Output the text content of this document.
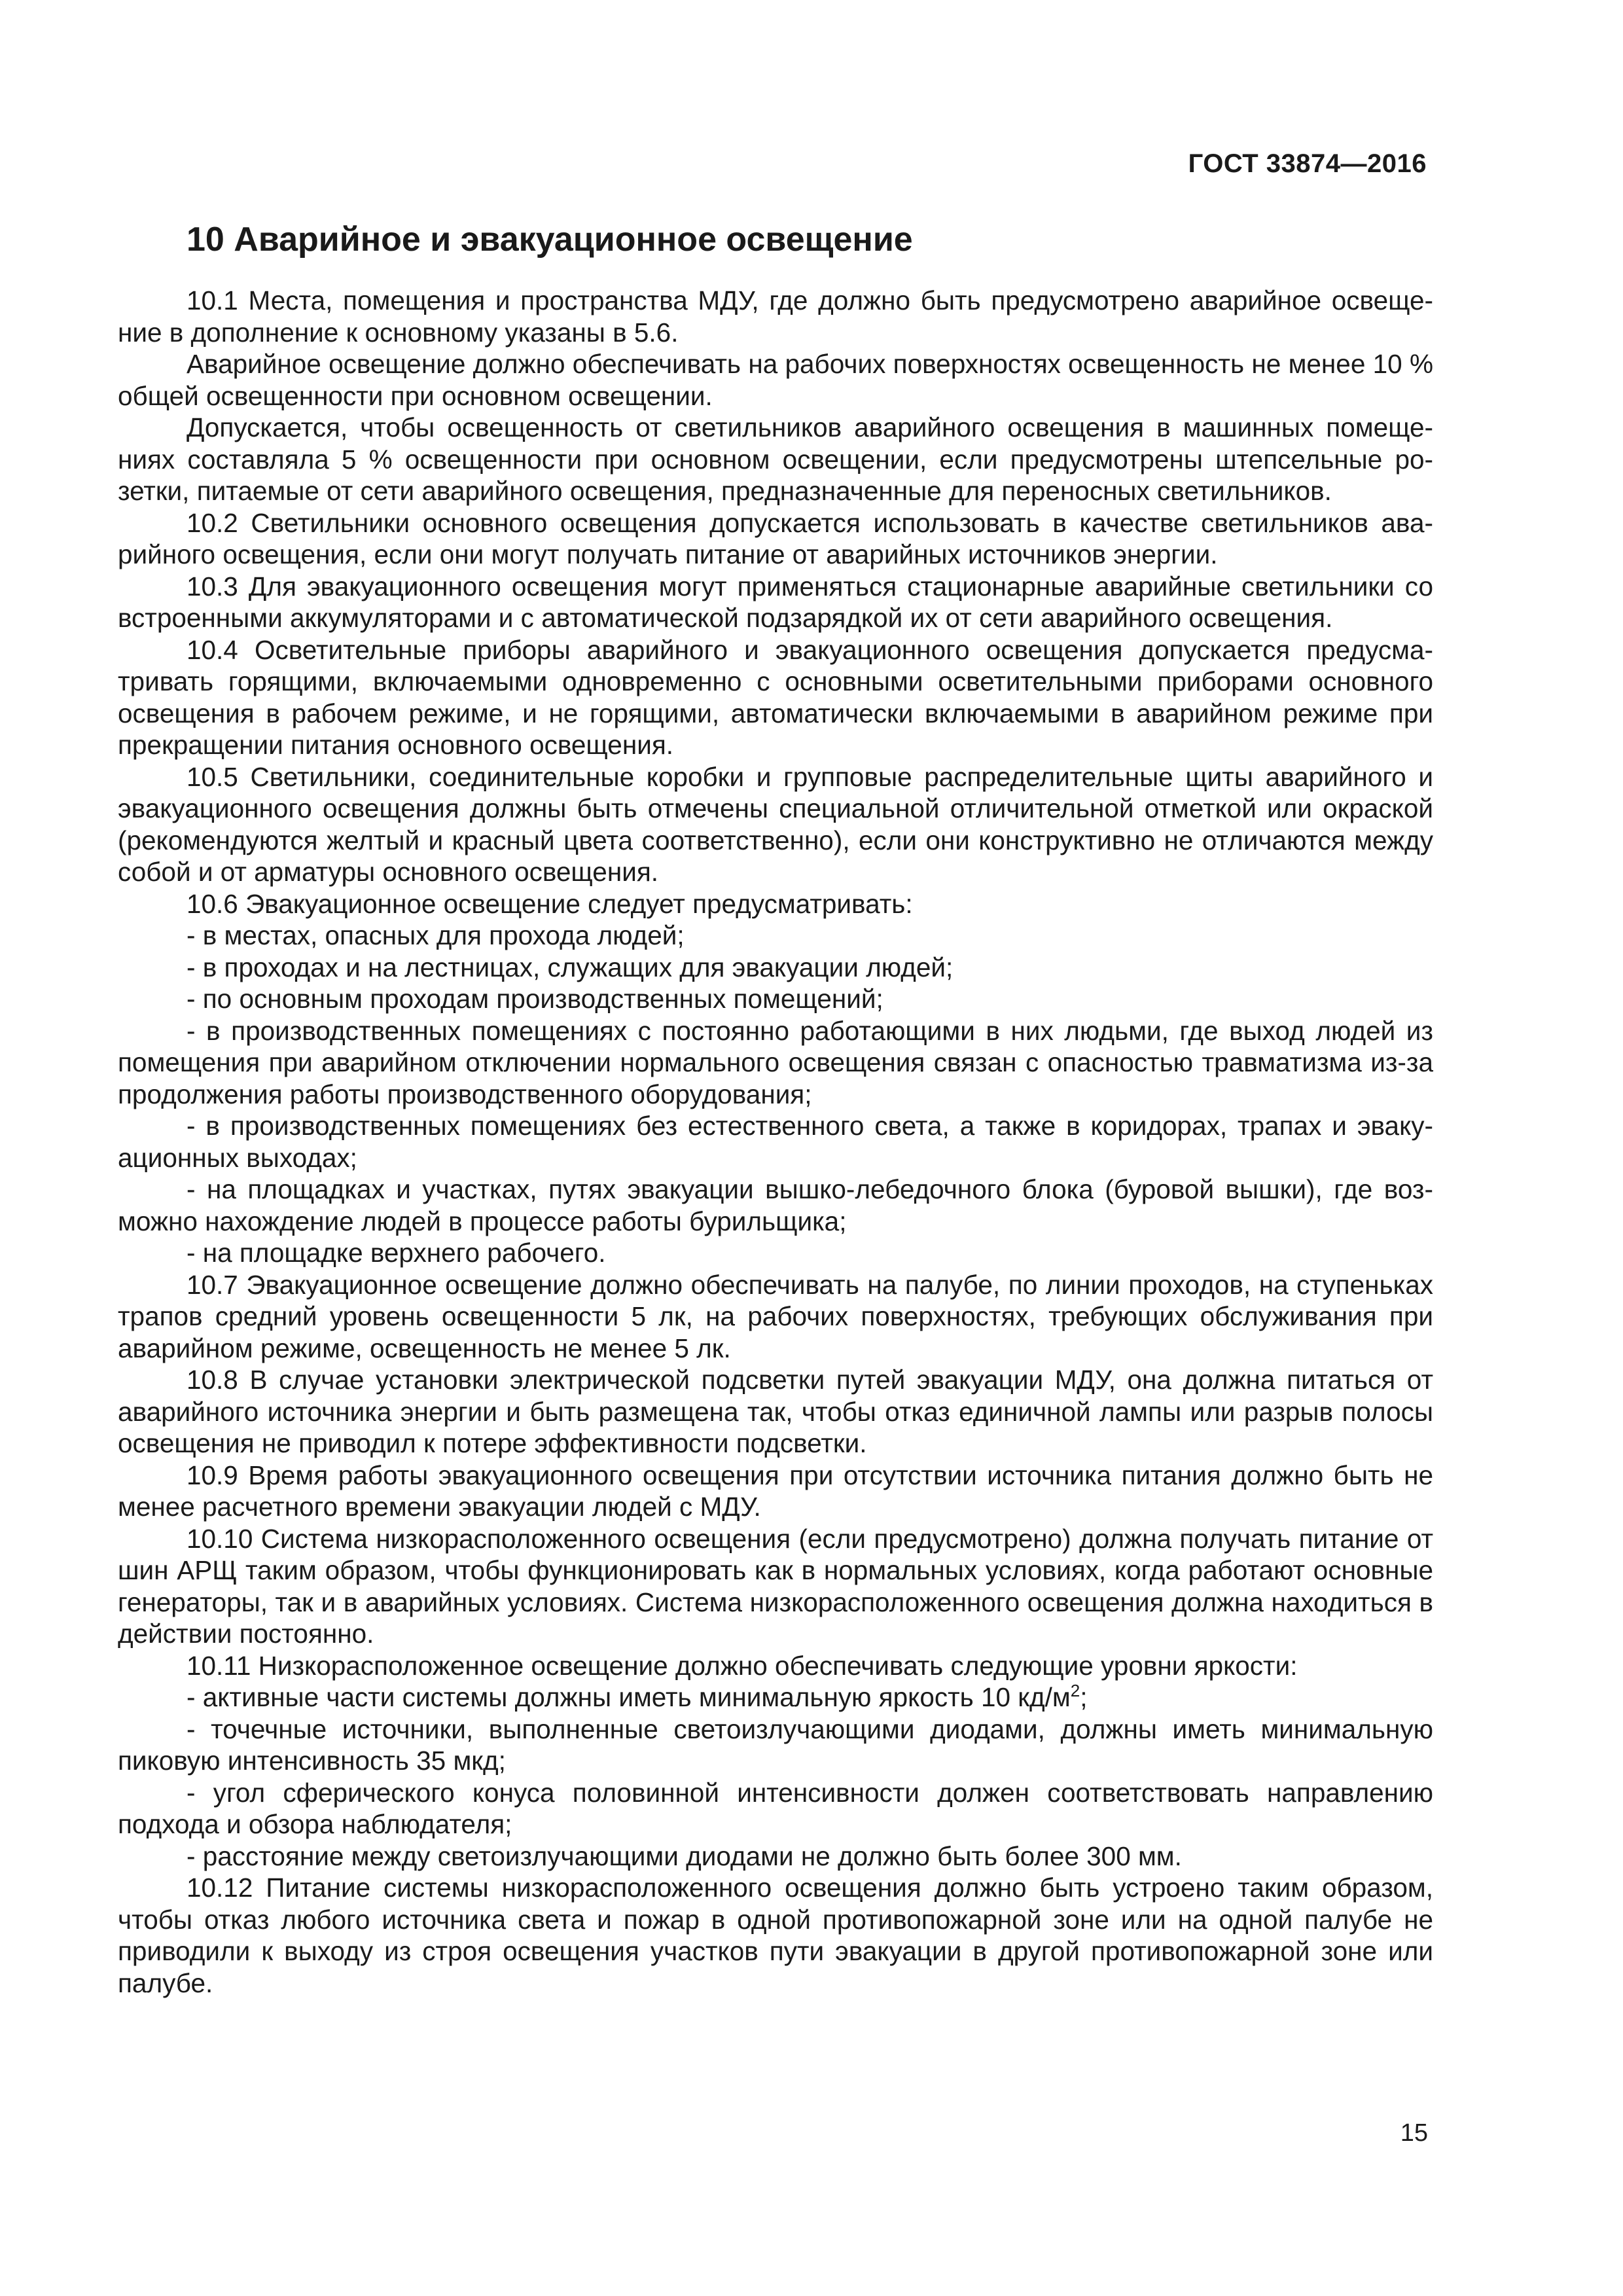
ГОСТ 33874—2016
10 Аварийное и эвакуационное освещение

10.1 Места, помещения и пространства МДУ, где должно быть предусмотрено аварийное освещение в дополнение к основному указаны в 5.6.

Аварийное освещение должно обеспечивать на рабочих поверхностях освещенность не менее 10 % общей освещенности при основном освещении.

Допускается, чтобы освещенность от светильников аварийного освещения в машинных помещениях составляла 5 % освещенности при основном освещении, если предусмотрены штепсельные розетки, питаемые от сети аварийного освещения, предназначенные для переносных светильников.

10.2 Светильники основного освещения допускается использовать в качестве светильников аварийного освещения, если они могут получать питание от аварийных источников энергии.

10.3 Для эвакуационного освещения могут применяться стационарные аварийные светильники со встроенными аккумуляторами и с автоматической подзарядкой их от сети аварийного освещения.

10.4 Осветительные приборы аварийного и эвакуационного освещения допускается предусматривать горящими, включаемыми одновременно с основными осветительными приборами основного освещения в рабочем режиме, и не горящими, автоматически включаемыми в аварийном режиме при прекращении питания основного освещения.

10.5 Светильники, соединительные коробки и групповые распределительные щиты аварийного и эвакуационного освещения должны быть отмечены специальной отличительной отметкой или окраской (рекомендуются желтый и красный цвета соответственно), если они конструктивно не отличаются между собой и от арматуры основного освещения.

10.6 Эвакуационное освещение следует предусматривать:

- в местах, опасных для прохода людей;

- в проходах и на лестницах, служащих для эвакуации людей;

- по основным проходам производственных помещений;

- в производственных помещениях с постоянно работающими в них людьми, где выход людей из помещения при аварийном отключении нормального освещения связан с опасностью травматизма из-за продолжения работы производственного оборудования;

- в производственных помещениях без естественного света, а также в коридорах, трапах и эвакуационных выходах;

- на площадках и участках, путях эвакуации вышко-лебедочного блока (буровой вышки), где возможно нахождение людей в процессе работы бурильщика;

- на площадке верхнего рабочего.

10.7 Эвакуационное освещение должно обеспечивать на палубе, по линии проходов, на ступеньках трапов средний уровень освещенности 5 лк, на рабочих поверхностях, требующих обслуживания при аварийном режиме, освещенность не менее 5 лк.

10.8 В случае установки электрической подсветки путей эвакуации МДУ, она должна питаться от аварийного источника энергии и быть размещена так, чтобы отказ единичной лампы или разрыв полосы освещения не приводил к потере эффективности подсветки.

10.9 Время работы эвакуационного освещения при отсутствии источника питания должно быть не менее расчетного времени эвакуации людей с МДУ.

10.10 Система низкорасположенного освещения (если предусмотрено) должна получать питание от шин АРЩ таким образом, чтобы функционировать как в нормальных условиях, когда работают основные генераторы, так и в аварийных условиях. Система низкорасположенного освещения должна находиться в действии постоянно.

10.11 Низкорасположенное освещение должно обеспечивать следующие уровни яркости:

- активные части системы должны иметь минимальную яркость 10 $кд/м^2$;

- точечные источники, выполненные светоизлучающими диодами, должны иметь минимальную пиковую интенсивность 35 мкд;

- угол сферического конуса половинной интенсивности должен соответствовать направлению подхода и обзора наблюдателя;

- расстояние между светоизлучающими диодами не должно быть более 300 мм.

10.12 Питание системы низкорасположенного освещения должно быть устроено таким образом, чтобы отказ любого источника света и пожар в одной противопожарной зоне или на одной палубе не приводили к выходу из строя освещения участков пути эвакуации в другой противопожарной зоне или палубе.

15
